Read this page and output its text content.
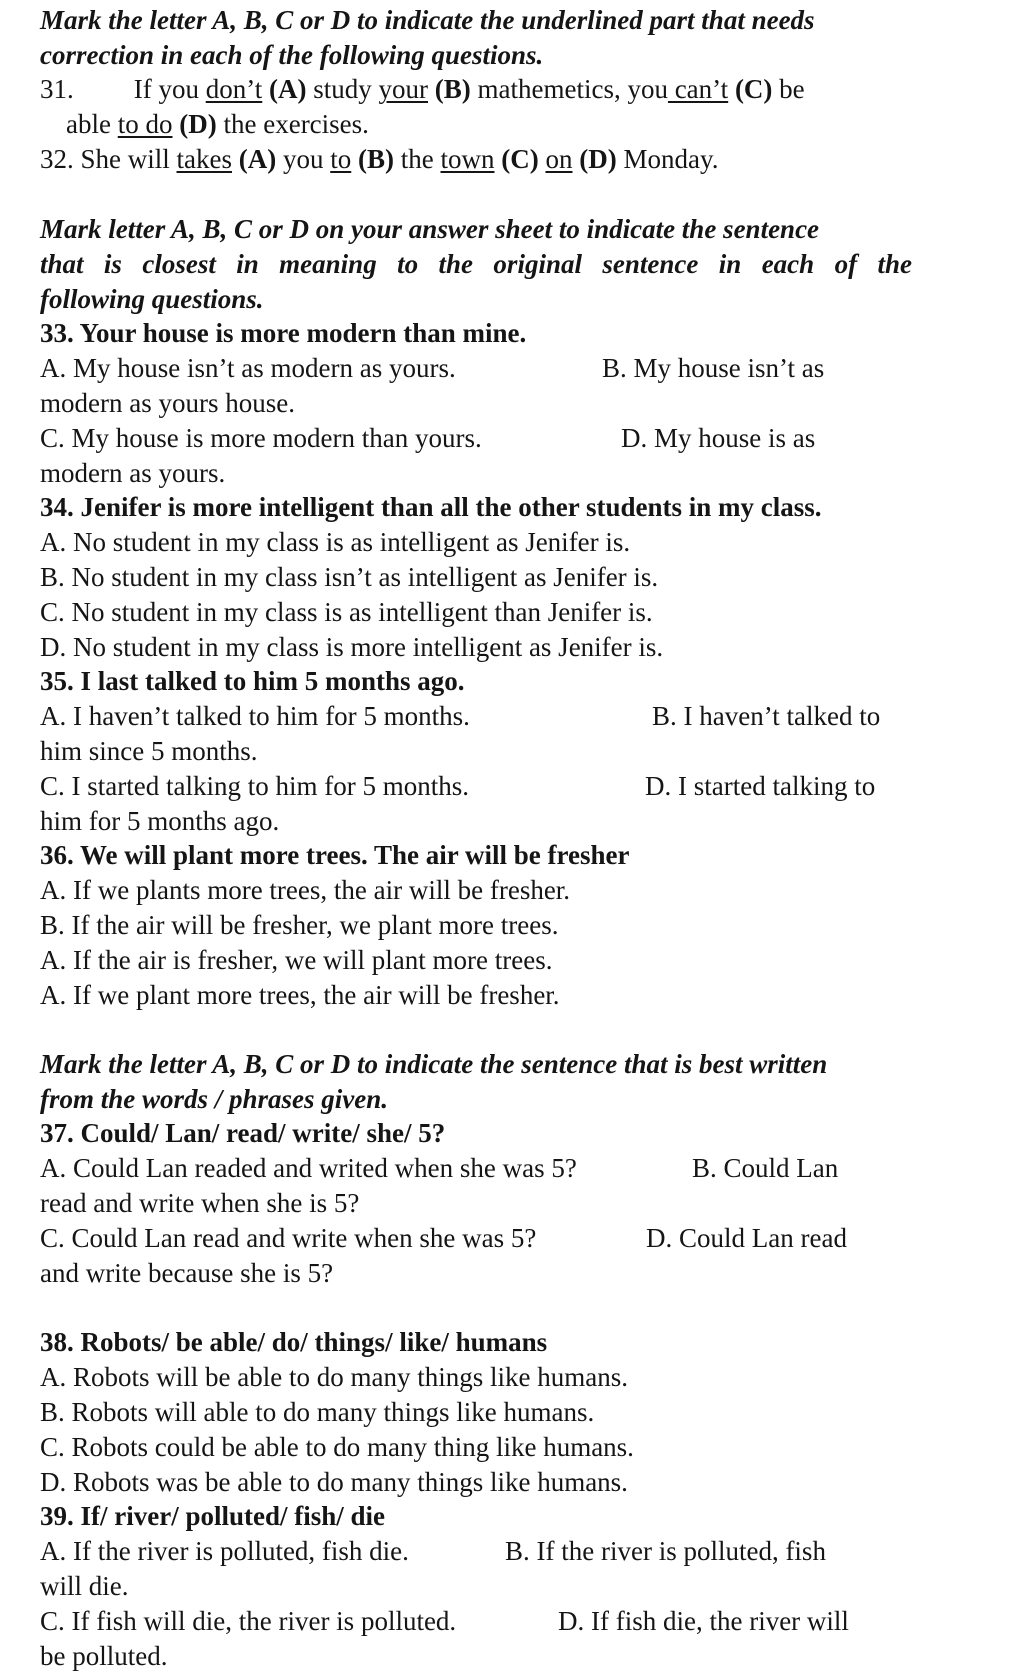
Mark the letter A, B, C or D to indicate the underlined part that needs

correction in each of the following questions.

31. If you don’t (A) study your (B) mathemetics, you can’t (C) be

able to do (D) the exercises.

32. She will takes (A) you to (B) the town (C) on (D) Monday.

Mark letter A, B, C or D on your answer sheet to indicate the sentence

that is closest in meaning to the original sentence in each of the

following questions.

33. Your house is more modern than mine.

A. My house isn’t as modern as yours.	B. My house isn’t as

modern as yours house.

C. My house is more modern than yours.	D. My house is as

modern as yours.

34. Jenifer is more intelligent than all the other students in my class.

A. No student in my class is as intelligent as Jenifer is.

B. No student in my class isn’t as intelligent as Jenifer is.

C. No student in my class is as intelligent than Jenifer is.

D. No student in my class is more intelligent as Jenifer is.

35. I last talked to him 5 months ago.

A. I haven’t talked to him for 5 months.	B. I haven’t talked to

him since 5 months.

C. I started talking to him for 5 months.	D. I started talking to

him for 5 months ago.

36. We will plant more trees. The air will be fresher

A. If we plants more trees, the air will be fresher.

B. If the air will be fresher, we plant more trees.

A. If the air is fresher, we will plant more trees.

A. If we plant more trees, the air will be fresher.

Mark the letter A, B, C or D to indicate the sentence that is best written

from the words / phrases given.

37. Could/ Lan/ read/ write/ she/ 5?

A. Could Lan readed and writed when she was 5?	B. Could Lan

read and write when she is 5?

C. Could Lan read and write when she was 5?	D. Could Lan read

and write because she is 5?

38. Robots/ be able/ do/ things/ like/ humans

A. Robots will be able to do many things like humans.

B. Robots will able to do many things like humans.

C. Robots could be able to do many thing like humans.

D. Robots was be able to do many things like humans.

39. If/ river/ polluted/ fish/ die

A. If the river is polluted, fish die.	B. If the river is polluted, fish

will die.

C. If fish will die, the river is polluted.	D. If fish die, the river will

be polluted.
